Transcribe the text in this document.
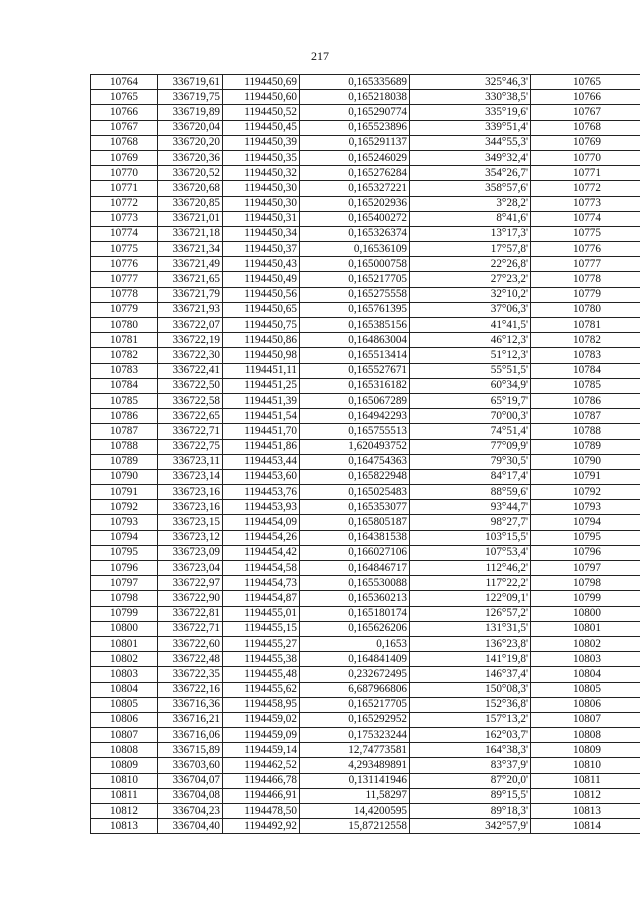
217
10764	336719,61	1194450,69	0,165335689	325°46,3'	10765
10765	336719,75	1194450,60	0,165218038	330°38,5'	10766
10766	336719,89	1194450,52	0,165290774	335°19,6'	10767
10767	336720,04	1194450,45	0,165523896	339°51,4'	10768
10768	336720,20	1194450,39	0,165291137	344°55,3'	10769
10769	336720,36	1194450,35	0,165246029	349°32,4'	10770
10770	336720,52	1194450,32	0,165276284	354°26,7'	10771
10771	336720,68	1194450,30	0,165327221	358°57,6'	10772
10772	336720,85	1194450,30	0,165202936	3°28,2'	10773
10773	336721,01	1194450,31	0,165400272	8°41,6'	10774
10774	336721,18	1194450,34	0,165326374	13°17,3'	10775
10775	336721,34	1194450,37	0,16536109	17°57,8'	10776
10776	336721,49	1194450,43	0,165000758	22°26,8'	10777
10777	336721,65	1194450,49	0,165217705	27°23,2'	10778
10778	336721,79	1194450,56	0,165275558	32°10,2'	10779
10779	336721,93	1194450,65	0,165761395	37°06,3'	10780
10780	336722,07	1194450,75	0,165385156	41°41,5'	10781
10781	336722,19	1194450,86	0,164863004	46°12,3'	10782
10782	336722,30	1194450,98	0,165513414	51°12,3'	10783
10783	336722,41	1194451,11	0,165527671	55°51,5'	10784
10784	336722,50	1194451,25	0,165316182	60°34,9'	10785
10785	336722,58	1194451,39	0,165067289	65°19,7'	10786
10786	336722,65	1194451,54	0,164942293	70°00,3'	10787
10787	336722,71	1194451,70	0,165755513	74°51,4'	10788
10788	336722,75	1194451,86	1,620493752	77°09,9'	10789
10789	336723,11	1194453,44	0,164754363	79°30,5'	10790
10790	336723,14	1194453,60	0,165822948	84°17,4'	10791
10791	336723,16	1194453,76	0,165025483	88°59,6'	10792
10792	336723,16	1194453,93	0,165353077	93°44,7'	10793
10793	336723,15	1194454,09	0,165805187	98°27,7'	10794
10794	336723,12	1194454,26	0,164381538	103°15,5'	10795
10795	336723,09	1194454,42	0,166027106	107°53,4'	10796
10796	336723,04	1194454,58	0,164846717	112°46,2'	10797
10797	336722,97	1194454,73	0,165530088	117°22,2'	10798
10798	336722,90	1194454,87	0,165360213	122°09,1'	10799
10799	336722,81	1194455,01	0,165180174	126°57,2'	10800
10800	336722,71	1194455,15	0,165626206	131°31,5'	10801
10801	336722,60	1194455,27	0,1653	136°23,8'	10802
10802	336722,48	1194455,38	0,164841409	141°19,8'	10803
10803	336722,35	1194455,48	0,232672495	146°37,4'	10804
10804	336722,16	1194455,62	6,687966806	150°08,3'	10805
10805	336716,36	1194458,95	0,165217705	152°36,8'	10806
10806	336716,21	1194459,02	0,165292952	157°13,2'	10807
10807	336716,06	1194459,09	0,175323244	162°03,7'	10808
10808	336715,89	1194459,14	12,74773581	164°38,3'	10809
10809	336703,60	1194462,52	4,293489891	83°37,9'	10810
10810	336704,07	1194466,78	0,131141946	87°20,0'	10811
10811	336704,08	1194466,91	11,58297	89°15,5'	10812
10812	336704,23	1194478,50	14,4200595	89°18,3'	10813
10813	336704,40	1194492,92	15,87212558	342°57,9'	10814
